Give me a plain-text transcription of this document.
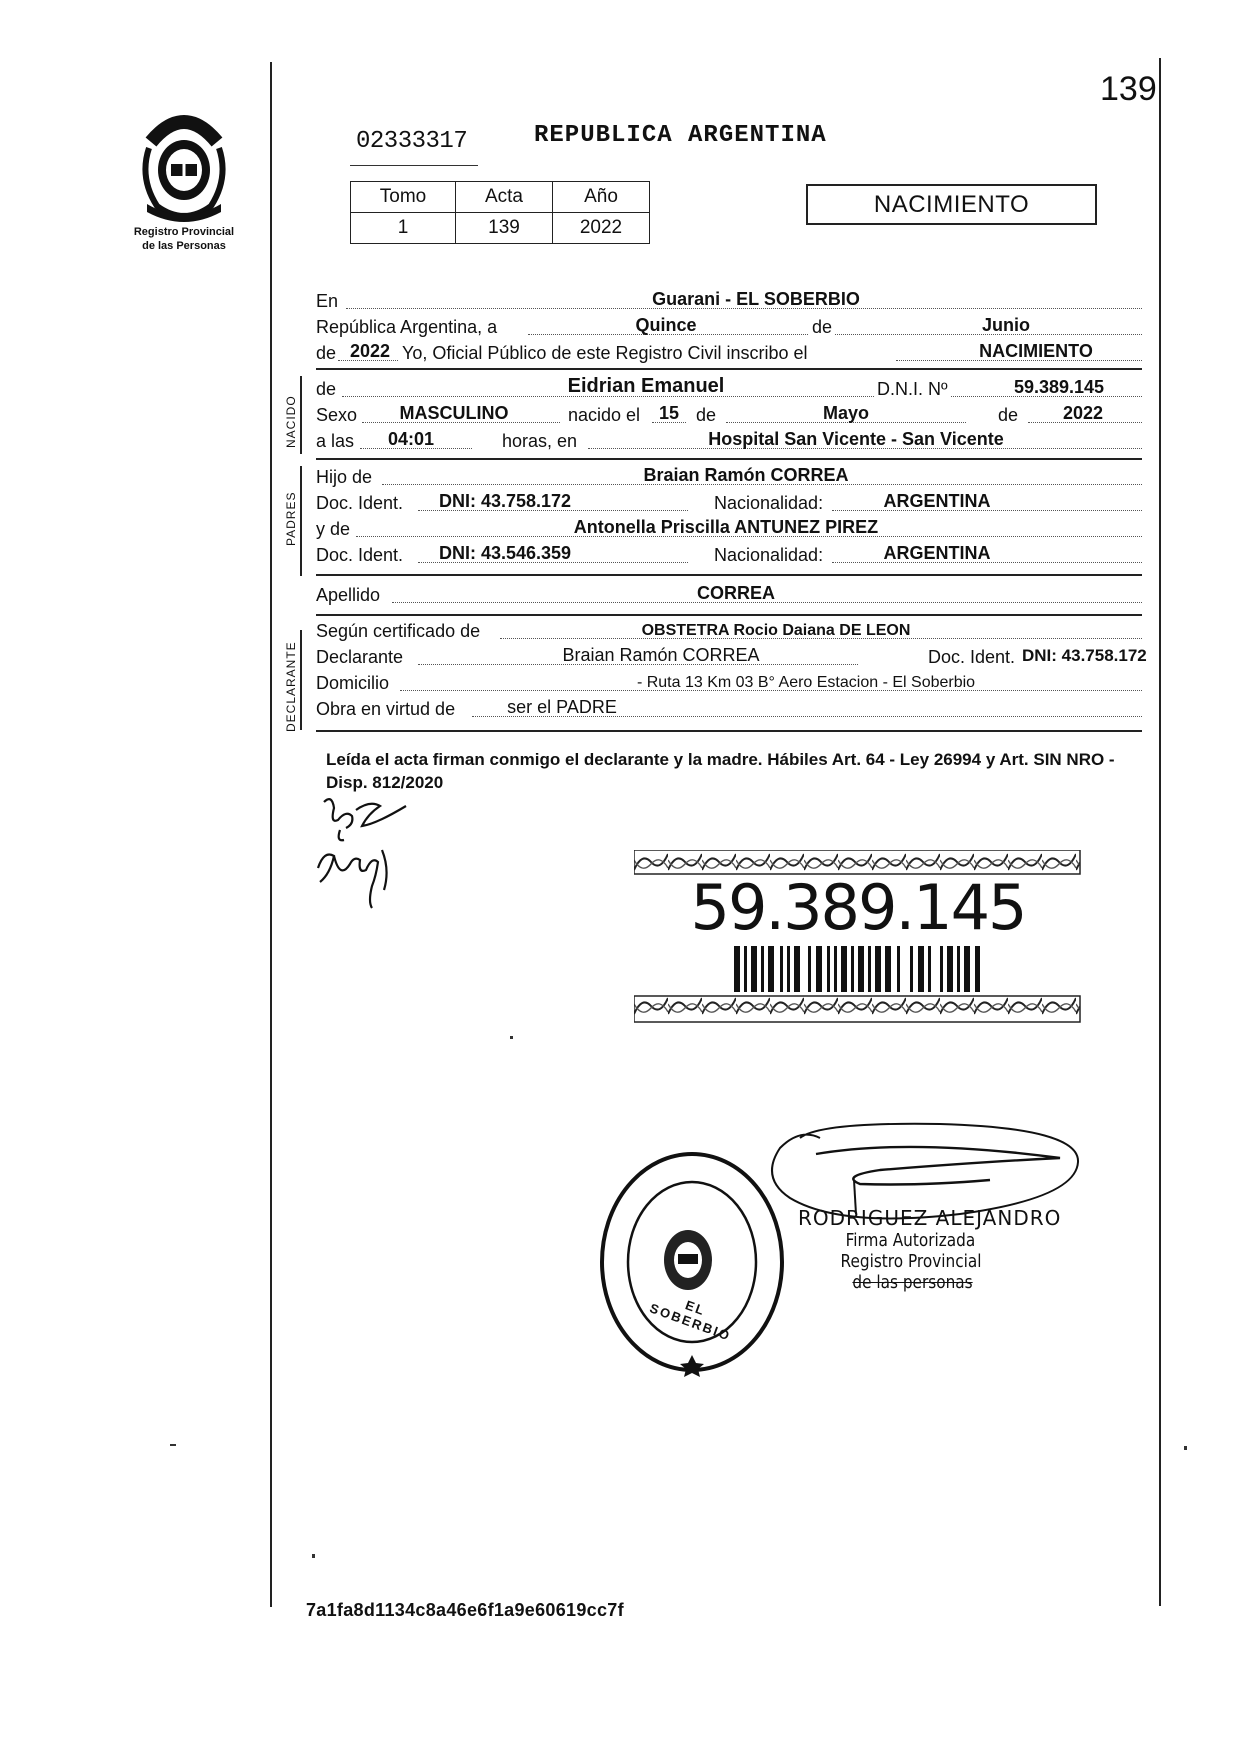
139
Registro Provincial
de las Personas
02333317	REPUBLICA ARGENTINA
Tomo	Acta	Año
1	139	2022
NACIMIENTO
En	Guarani - EL SOBERBIO
República Argentina, a	Quince	de	Junio
de 2022 Yo, Oficial Público de este Registro Civil inscribo el	NACIMIENTO
NACIDO
de	Eidrian Emanuel	D.N.I. Nº	59.389.145
Sexo	MASCULINO	nacido el	15 de	Mayo	de	2022
a las	04:01	horas, en	Hospital San Vicente - San Vicente
PADRES
Hijo de	Braian Ramón CORREA
Doc. Ident.	DNI: 43.758.172	Nacionalidad:	ARGENTINA
y de	Antonella Priscilla ANTUNEZ PIREZ
Doc. Ident.	DNI: 43.546.359	Nacionalidad:	ARGENTINA
Apellido	CORREA
DECLARANTE
Según certificado de	OBSTETRA Rocio Daiana DE LEON
Declarante	Braian Ramón CORREA	Doc. Ident. DNI: 43.758.172
Domicilio	- Ruta 13 Km 03 B° Aero Estacion - El Soberbio
Obra en virtud de	ser el PADRE
Leída el acta firman conmigo el declarante y la madre. Hábiles Art. 64 - Ley 26994 y Art. SIN NRO - Disp. 812/2020
59.389.145
EL SOBERBIO
RODRIGUEZ ALEJANDRO
Firma Autorizada
Registro Provincial
de las personas
7a1fa8d1134c8a46e6f1a9e60619cc7f
